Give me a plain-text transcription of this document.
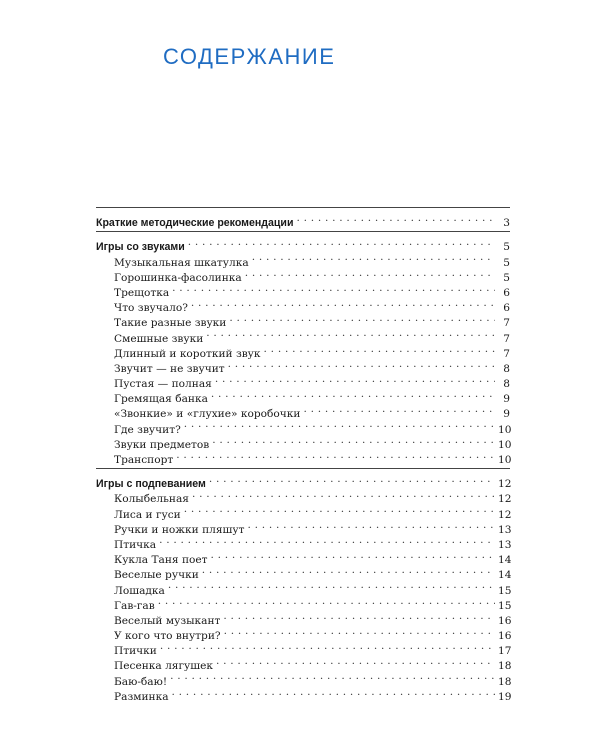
СОДЕРЖАНИЕ
Краткие методические рекомендации . . .	3
Игры со звуками . . .	5
Музыкальная шкатулка . . .	5
Горошинка-фасолинка . . .	5
Трещотка . . .	6
Что звучало? . . .	6
Такие разные звуки . . .	7
Смешные звуки . . .	7
Длинный и короткий звук . . .	7
Звучит — не звучит . . .	8
Пустая — полная . . .	8
Гремящая банка . . .	9
«Звонкие» и «глухие» коробочки . . .	9
Где звучит? . . .	10
Звуки предметов . . .	10
Транспорт . . .	10
Игры с подпеванием . . .	12
Колыбельная . . .	12
Лиса и гуси . . .	12
Ручки и ножки пляшут . . .	13
Птичка . . .	13
Кукла Таня поет . . .	14
Веселые ручки . . .	14
Лошадка . . .	15
Гав-гав . . .	15
Веселый музыкант . . .	16
У кого что внутри? . . .	16
Птички . . .	17
Песенка лягушек . . .	18
Баю-баю! . . .	18
Разминка . . .	19
